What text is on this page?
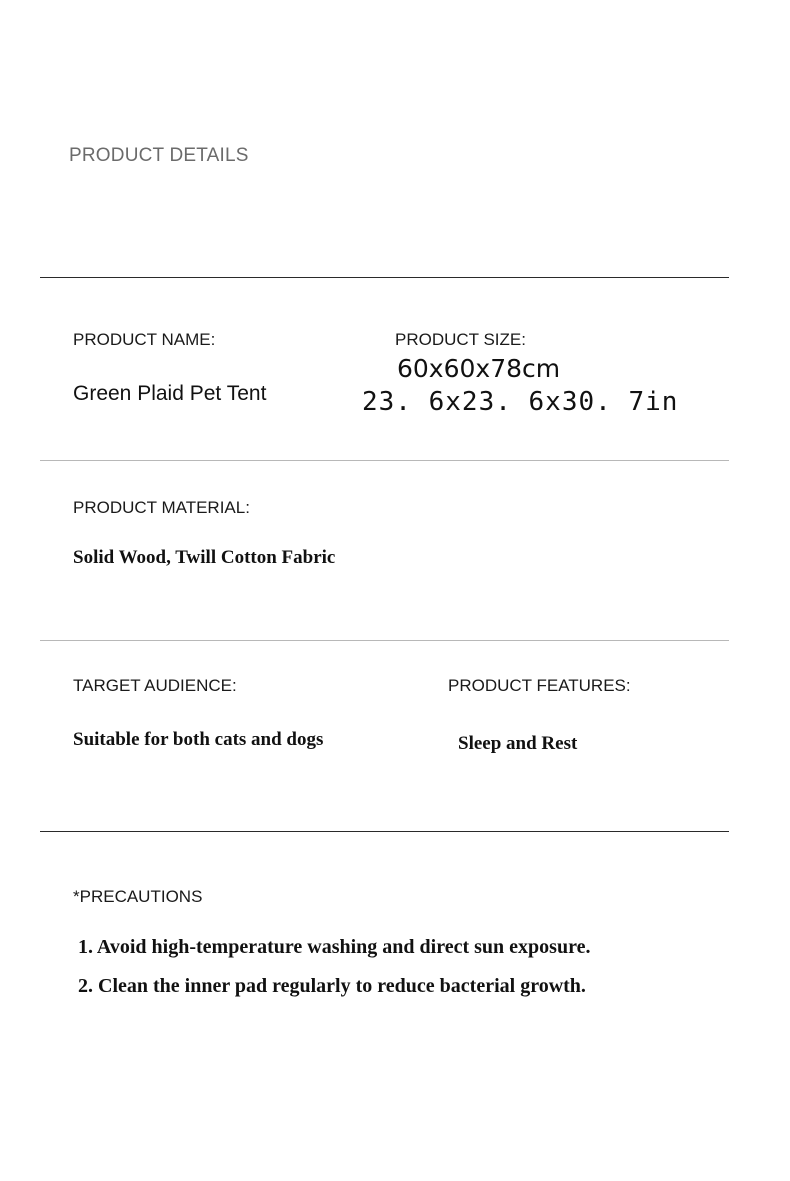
PRODUCT DETAILS

PRODUCT NAME:

Green Plaid Pet Tent

PRODUCT SIZE:

60x60x78cm

23. 6x23. 6x30. 7in

PRODUCT MATERIAL:

Solid Wood, Twill Cotton Fabric

TARGET AUDIENCE:

Suitable for both cats and dogs

PRODUCT FEATURES:

Sleep and Rest

*PRECAUTIONS

1. Avoid high-temperature washing and direct sun exposure.

2. Clean the inner pad regularly to reduce bacterial growth.
